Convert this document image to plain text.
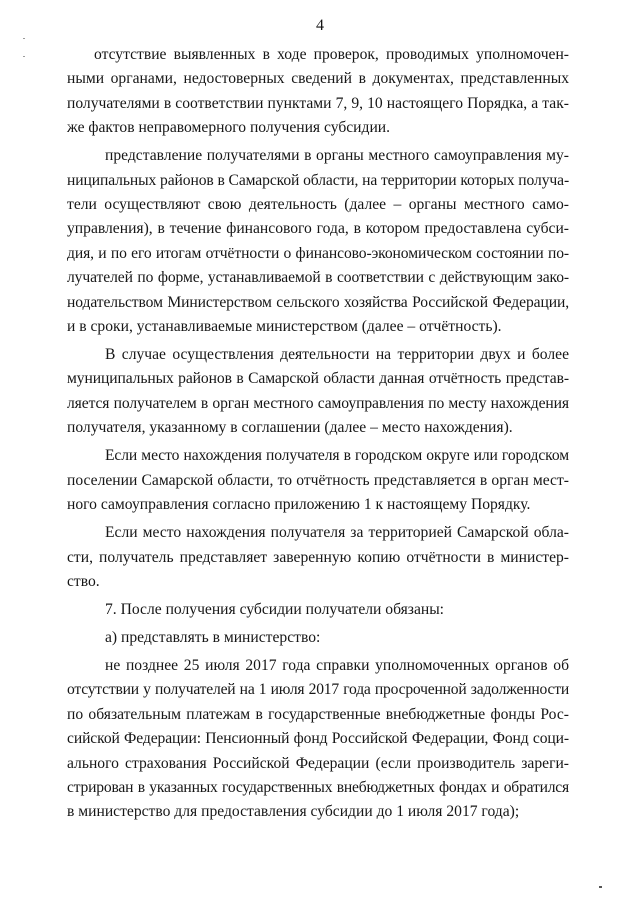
4
отсутствие выявленных в ходе проверок, проводимых уполномочен-
ными органами, недостоверных сведений в документах, представленных
получателями в соответствии пунктами 7, 9, 10 настоящего Порядка, а так-
же фактов неправомерного получения субсидии.
представление получателями в органы местного самоуправления му-
ниципальных районов в Самарской области, на территории которых получа-
тели осуществляют свою деятельность (далее – органы местного само-
управления), в течение финансового года, в котором предоставлена субси-
дия, и по его итогам отчётности о финансово-экономическом состоянии по-
лучателей по форме, устанавливаемой в соответствии с действующим зако-
нодательством Министерством сельского хозяйства Российской Федерации,
и в сроки, устанавливаемые министерством (далее – отчётность).
В случае осуществления деятельности на территории двух и более
муниципальных районов в Самарской области данная отчётность представ-
ляется получателем в орган местного самоуправления по месту нахождения
получателя, указанному в соглашении (далее – место нахождения).
Если место нахождения получателя в городском округе или городском
поселении Самарской области, то отчётность представляется в орган мест-
ного самоуправления согласно приложению 1 к настоящему Порядку.
Если место нахождения получателя за территорией Самарской обла-
сти, получатель представляет заверенную копию отчётности в министер-
ство.
7. После получения субсидии получатели обязаны:
а) представлять в министерство:
не позднее 25 июля 2017 года справки уполномоченных органов об
отсутствии у получателей на 1 июля 2017 года просроченной задолженности
по обязательным платежам в государственные внебюджетные фонды Рос-
сийской Федерации: Пенсионный фонд Российской Федерации, Фонд соци-
ального страхования Российской Федерации (если производитель зареги-
стрирован в указанных государственных внебюджетных фондах и обратился
в министерство для предоставления субсидии до 1 июля 2017 года);
